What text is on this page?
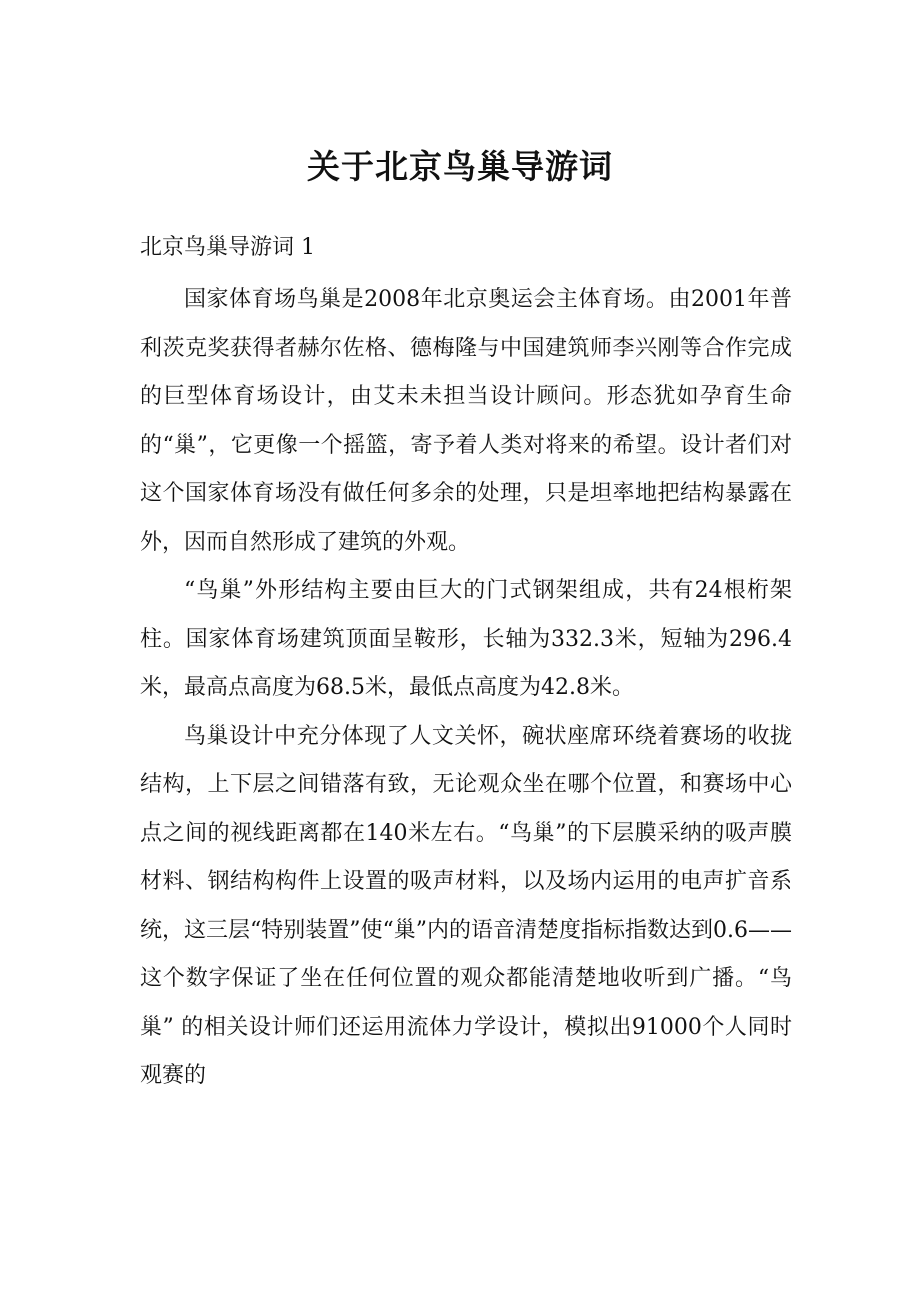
关于北京鸟巢导游词
北京鸟巢导游词 1

国家体育场鸟巢是2008年北京奥运会主体育场。由2001年普利茨克奖获得者赫尔佐格、德梅隆与中国建筑师李兴刚等合作完成的巨型体育场设计，由艾未未担当设计顾问。形态犹如孕育生命的“巢”，它更像一个摇篮，寄予着人类对将来的希望。设计者们对这个国家体育场没有做任何多余的处理，只是坦率地把结构暴露在外，因而自然形成了建筑的外观。

“鸟巢”外形结构主要由巨大的门式钢架组成，共有24根桁架柱。国家体育场建筑顶面呈鞍形，长轴为332.3米，短轴为296.4米，最高点高度为68.5米，最低点高度为42.8米。

鸟巢设计中充分体现了人文关怀，碗状座席环绕着赛场的收拢结构，上下层之间错落有致，无论观众坐在哪个位置，和赛场中心点之间的视线距离都在140米左右。“鸟巢”的下层膜采纳的吸声膜材料、钢结构构件上设置的吸声材料，以及场内运用的电声扩音系统，这三层“特别装置”使“巢”内的语音清楚度指标指数达到0.6——这个数字保证了坐在任何位置的观众都能清楚地收听到广播。“鸟巢” 的相关设计师们还运用流体力学设计，模拟出91000个人同时观赛的
